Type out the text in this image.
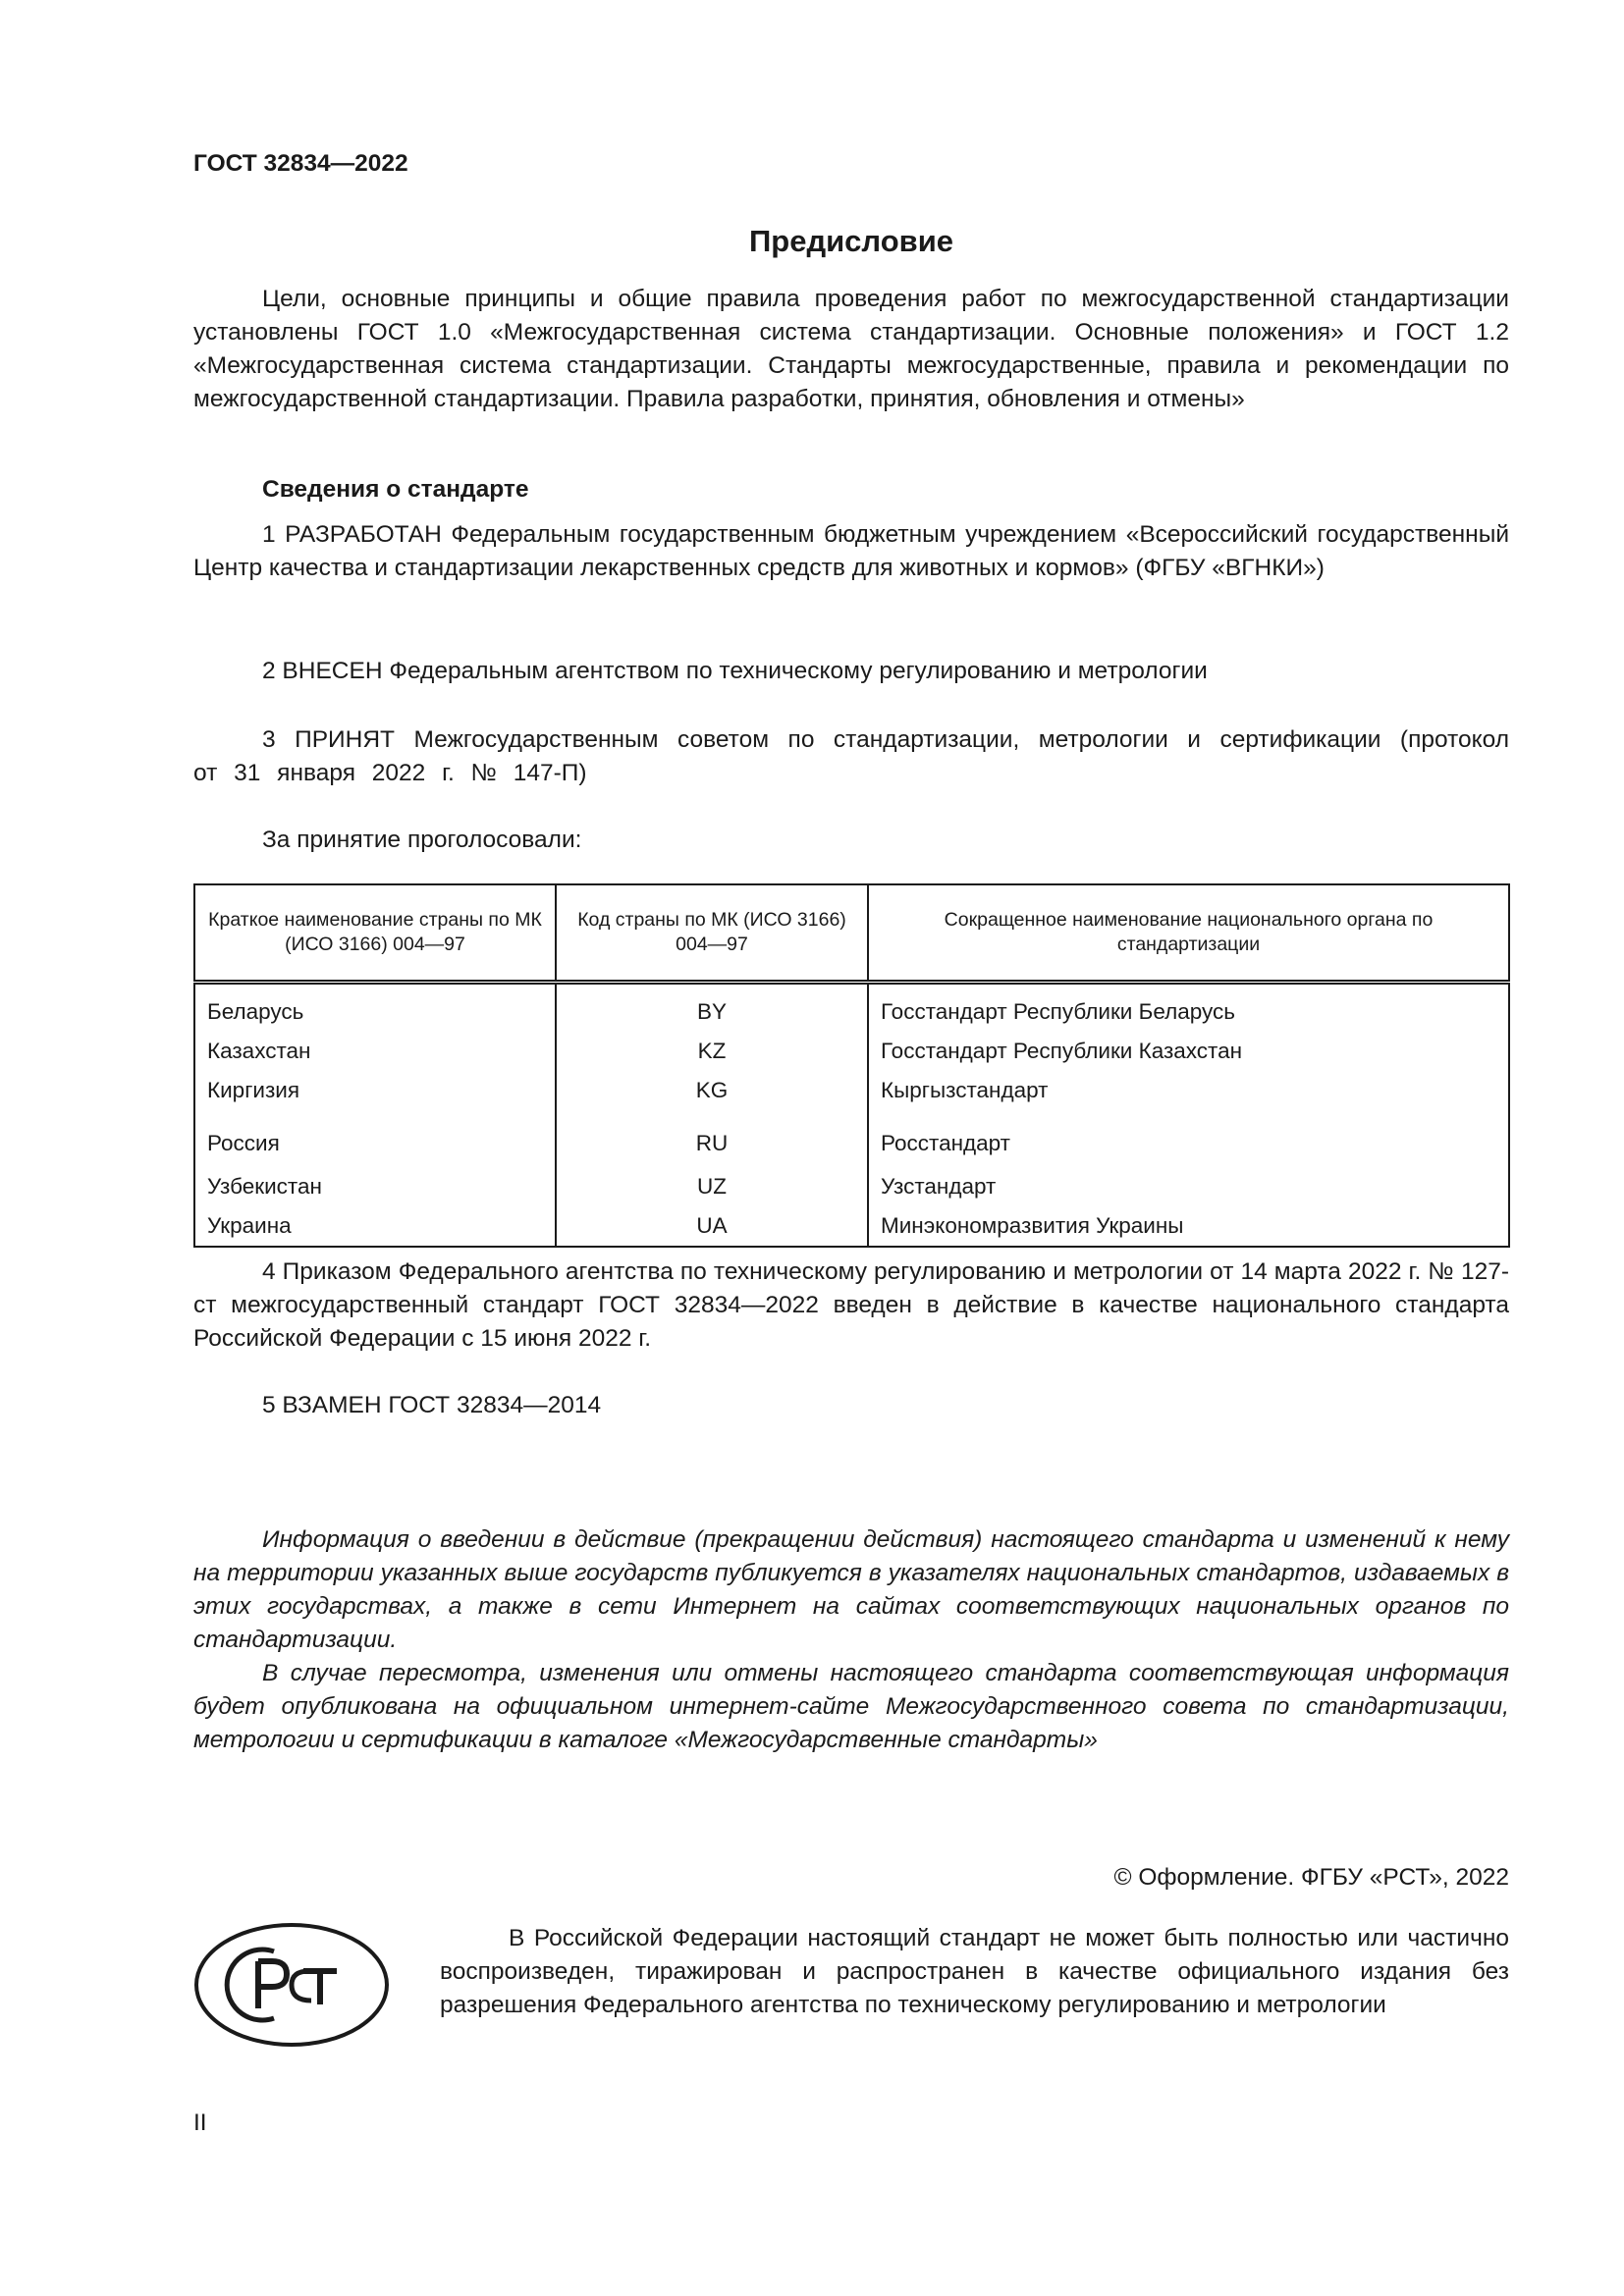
ГОСТ 32834—2022
Предисловие
Цели, основные принципы и общие правила проведения работ по межгосударственной стандартизации установлены ГОСТ 1.0 «Межгосударственная система стандартизации. Основные положения» и ГОСТ 1.2 «Межгосударственная система стандартизации. Стандарты межгосударственные, правила и рекомендации по межгосударственной стандартизации. Правила разработки, принятия, обновления и отмены»
Сведения о стандарте
1 РАЗРАБОТАН Федеральным государственным бюджетным учреждением «Всероссийский государственный Центр качества и стандартизации лекарственных средств для животных и кормов» (ФГБУ «ВГНКИ»)
2 ВНЕСЕН Федеральным агентством по техническому регулированию и метрологии
3 ПРИНЯТ Межгосударственным советом по стандартизации, метрологии и сертификации (протокол от 31 января 2022 г. № 147-П)
За принятие проголосовали:
Краткое наименование страны по МК (ИСО 3166) 004—97	Код страны по МК (ИСО 3166) 004—97	Сокращенное наименование национального органа по стандартизации
Беларусь	BY	Госстандарт Республики Беларусь
Казахстан	KZ	Госстандарт Республики Казахстан
Киргизия	KG	Кыргызстандарт
Россия	RU	Росстандарт
Узбекистан	UZ	Узстандарт
Украина	UA	Минэкономразвития Украины
4 Приказом Федерального агентства по техническому регулированию и метрологии от 14 марта 2022 г. № 127-ст межгосударственный стандарт ГОСТ 32834—2022 введен в действие в качестве национального стандарта Российской Федерации с 15 июня 2022 г.
5 ВЗАМЕН ГОСТ 32834—2014
Информация о введении в действие (прекращении действия) настоящего стандарта и изменений к нему на территории указанных выше государств публикуется в указателях национальных стандартов, издаваемых в этих государствах, а также в сети Интернет на сайтах соответствующих национальных органов по стандартизации.
В случае пересмотра, изменения или отмены настоящего стандарта соответствующая информация будет опубликована на официальном интернет-сайте Межгосударственного совета по стандартизации, метрологии и сертификации в каталоге «Межгосударственные стандарты»
© Оформление. ФГБУ «РСТ», 2022
В Российской Федерации настоящий стандарт не может быть полностью или частично воспроизведен, тиражирован и распространен в качестве официального издания без разрешения Федерального агентства по техническому регулированию и метрологии
II
